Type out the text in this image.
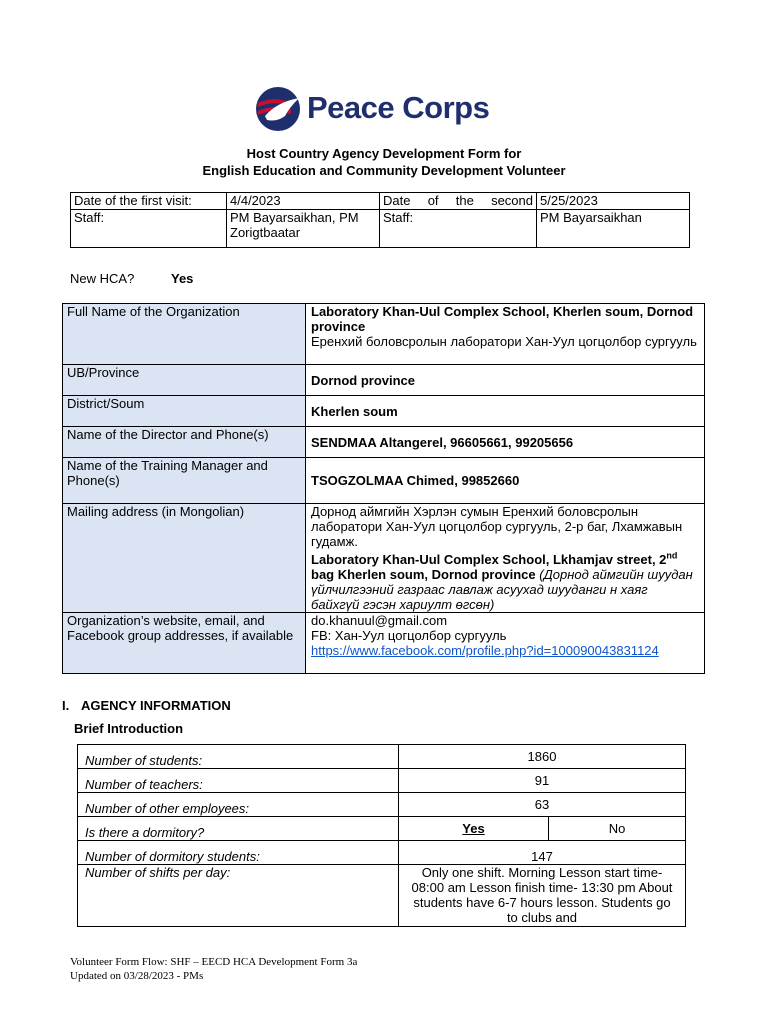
Peace Corps
Host Country Agency Development Form for
English Education and Community Development Volunteer
Date of the first visit:	4/4/2023	Date of the second	5/25/2023
Staff:	PM Bayarsaikhan, PM Zorigtbaatar	Staff:	PM Bayarsaikhan
New HCA?	Yes
Full Name of the Organization	Laboratory Khan-Uul Complex School, Kherlen soum, Dornod province
Еренхий боловсролын лаборатори Хан-Уул цогцолбор сургууль
UB/Province	Dornod province
District/Soum	Kherlen soum
Name of the Director and Phone(s)	SENDMAA Altangerel, 96605661, 99205656
Name of the Training Manager and Phone(s)	TSOGZOLMAA Chimed, 99852660
Mailing address (in Mongolian)	Дорнод аймгийн Хэрлэн сумын Еренхий боловсролын лаборатори Хан-Уул цогцолбор сургууль, 2-р баг, Лхамжавын гудамж.
Laboratory Khan-Uul Complex School, Lkhamjav street, 2nd bag Kherlen soum, Dornod province (Дорнод аймгийн шуудан үйлчилгээний газраас лавлаж асуухад шууданги н хаяг байхгүй гэсэн хариулт өгсөн)
Organization’s website, email, and Facebook group addresses, if available	do.khanuul@gmail.com
FB: Хан-Уул цогцолбор сургууль
https://www.facebook.com/profile.php?id=100090043831124
I. AGENCY INFORMATION
Brief Introduction
Number of students:	1860	
Number of teachers:	91	
Number of other employees:	63	
Is there a dormitory?	Yes	No
Number of dormitory students:	147	
Number of shifts per day:	Only one shift. Morning Lesson start time-08:00 am Lesson finish time- 13:30 pm About students have 6-7 hours lesson. Students go to clubs and	
Volunteer Form Flow: SHF – EECD HCA Development Form 3a
Updated on 03/28/2023 - PMs
